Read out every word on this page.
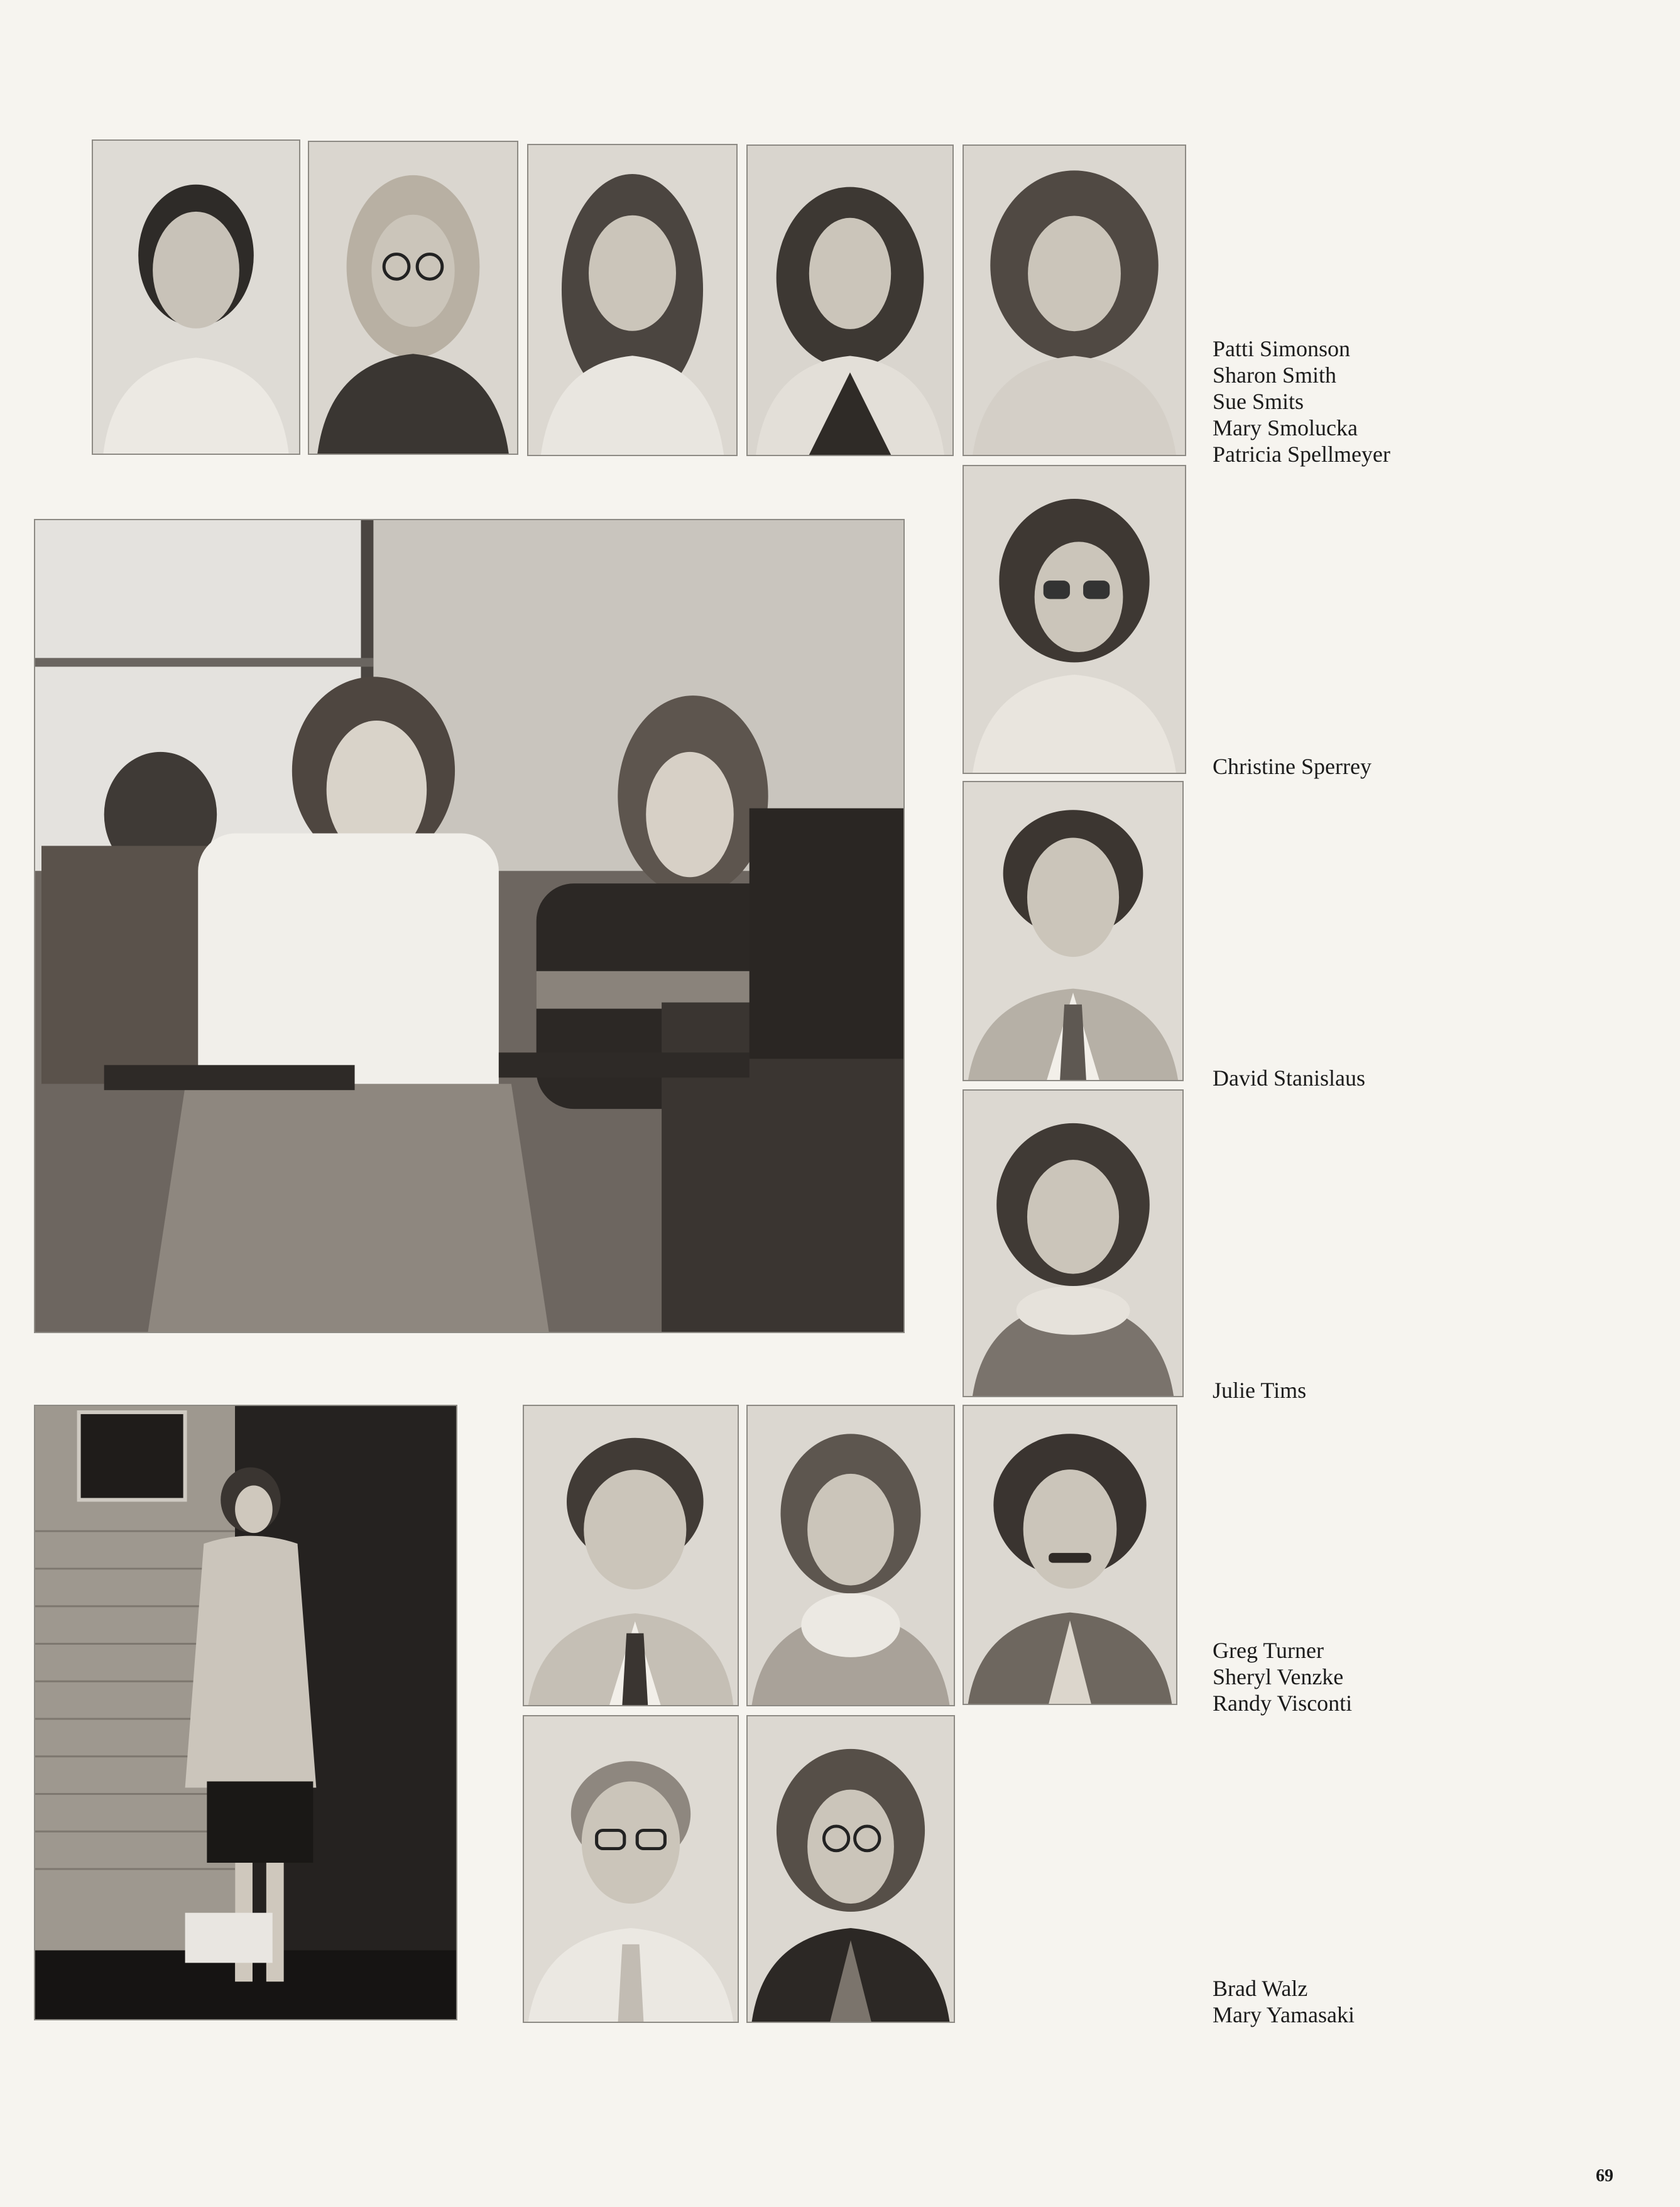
Patti Simonson
Sharon Smith
Sue Smits
Mary Smolucka
Patricia Spellmeyer
Christine Sperrey
David Stanislaus
Julie Tims
Greg Turner
Sheryl Venzke
Randy Visconti
Brad Walz
Mary Yamasaki
69
